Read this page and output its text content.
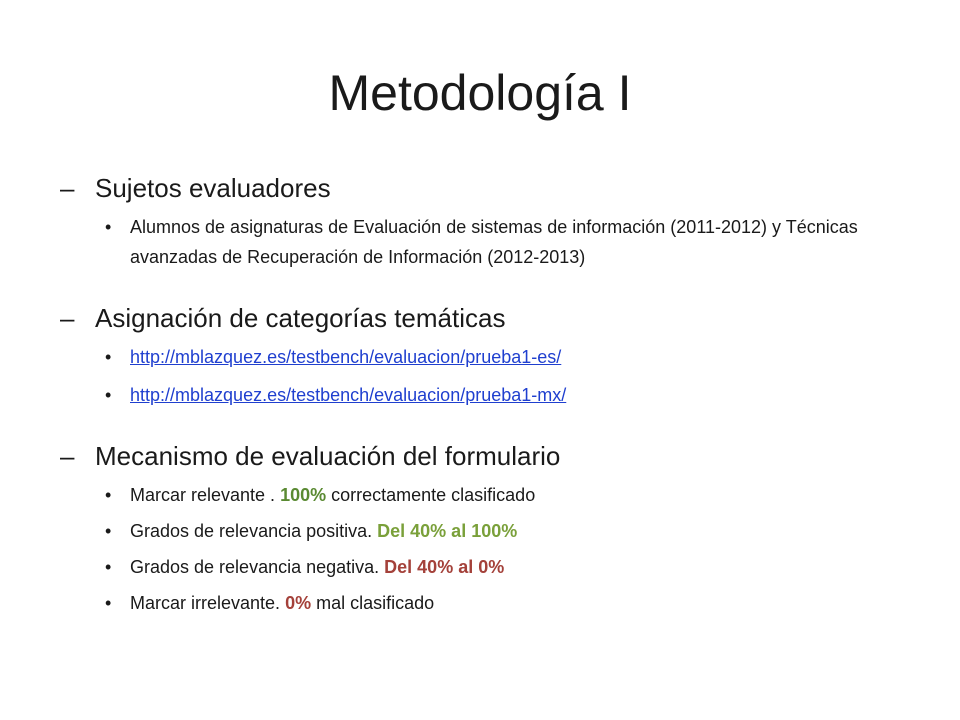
Metodología I

– Sujetos evaluadores

• Alumnos de asignaturas de Evaluación de sistemas de información (2011-2012) y Técnicas avanzadas de Recuperación de Información (2012-2013)

– Asignación de categorías temáticas

• http://mblazquez.es/testbench/evaluacion/prueba1-es/
• http://mblazquez.es/testbench/evaluacion/prueba1-mx/

– Mecanismo de evaluación del formulario

• Marcar relevante . 100% correctamente clasificado
• Grados de relevancia positiva. Del 40% al 100%
• Grados de relevancia negativa. Del 40% al 0%
• Marcar irrelevante. 0% mal clasificado
